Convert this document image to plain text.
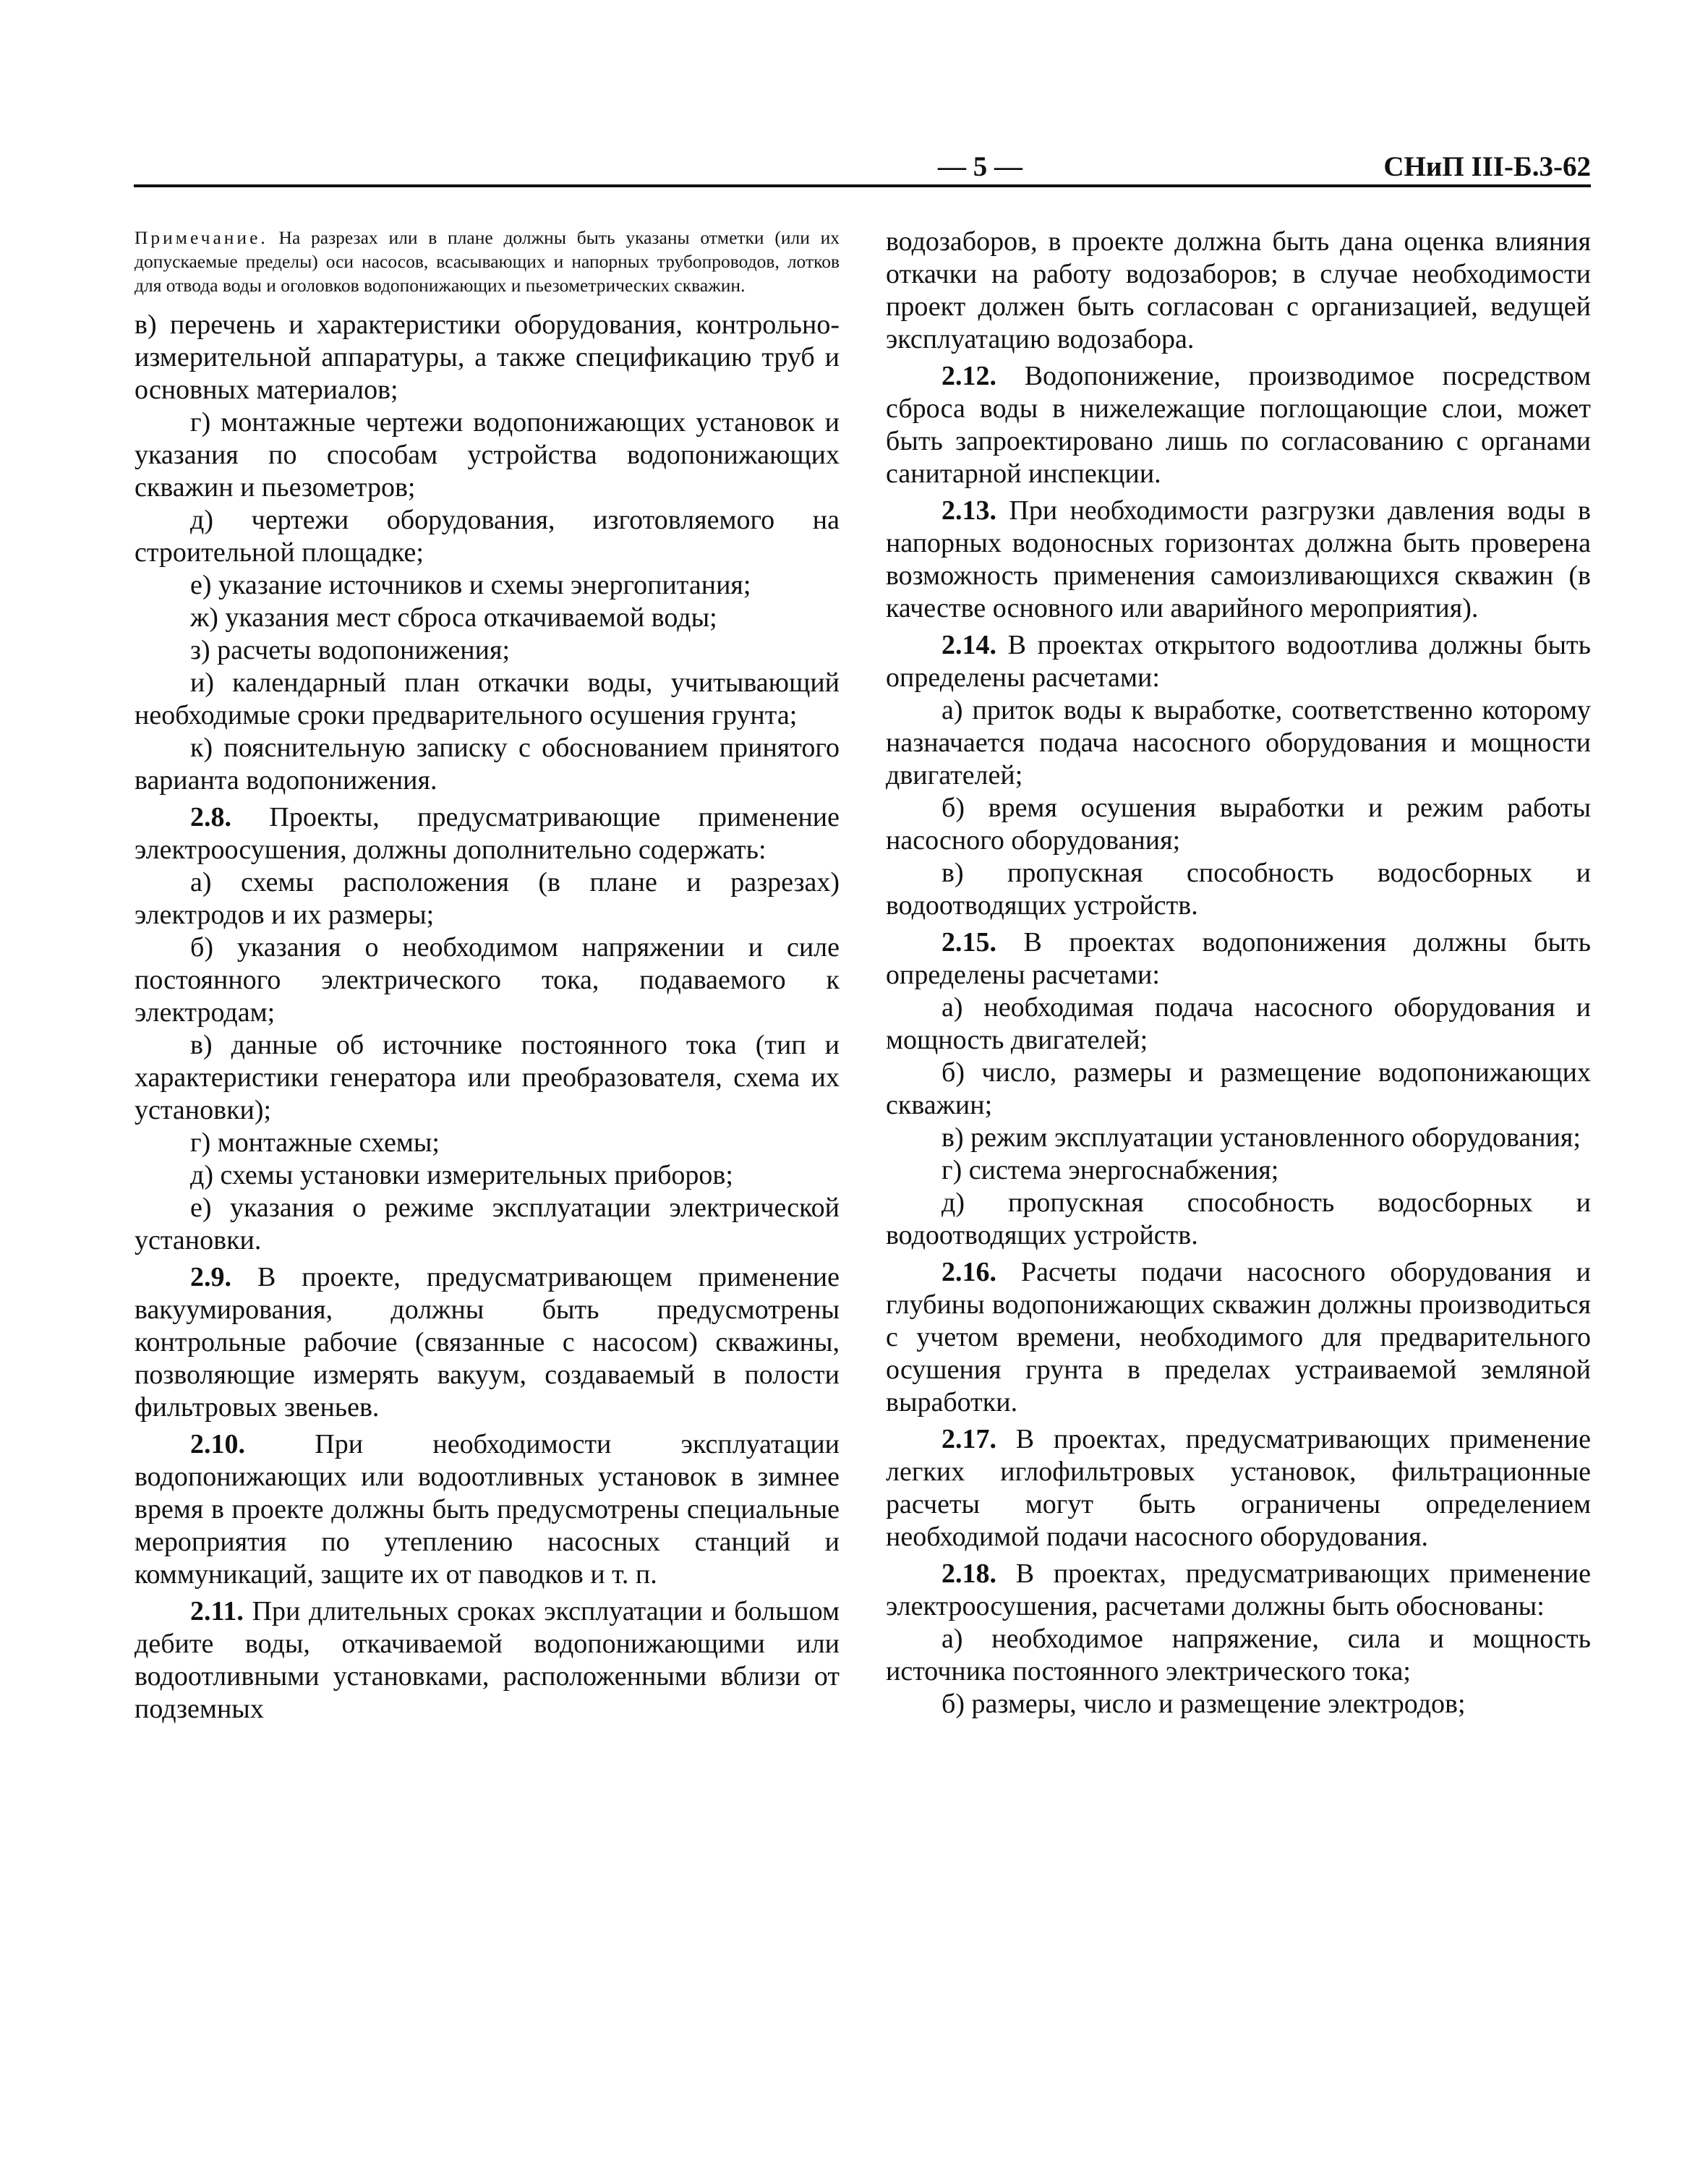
— 5 —	СНиП III-Б.3-62
Примечание. На разрезах или в плане должны быть указаны отметки (или их допускаемые пределы) оси насосов, всасывающих и напорных трубопроводов, лотков для отвода воды и оголовков водопонижающих и пьезометрических скважин.

в) перечень и характеристики оборудования, контрольно-измерительной аппаратуры, а также спецификацию труб и основных материалов;

г) монтажные чертежи водопонижающих установок и указания по способам устройства водопонижающих скважин и пьезометров;

д) чертежи оборудования, изготовляемого на строительной площадке;

е) указание источников и схемы энергопитания;

ж) указания мест сброса откачиваемой воды;

з) расчеты водопонижения;

и) календарный план откачки воды, учитывающий необходимые сроки предварительного осушения грунта;

к) пояснительную записку с обоснованием принятого варианта водопонижения.

2.8. Проекты, предусматривающие применение электроосушения, должны дополнительно содержать:

а) схемы расположения (в плане и разрезах) электродов и их размеры;

б) указания о необходимом напряжении и силе постоянного электрического тока, подаваемого к электродам;

в) данные об источнике постоянного тока (тип и характеристики генератора или преобразователя, схема их установки);

г) монтажные схемы;

д) схемы установки измерительных приборов;

е) указания о режиме эксплуатации электрической установки.

2.9. В проекте, предусматривающем применение вакуумирования, должны быть предусмотрены контрольные рабочие (связанные с насосом) скважины, позволяющие измерять вакуум, создаваемый в полости фильтровых звеньев.

2.10. При необходимости эксплуатации водопонижающих или водоотливных установок в зимнее время в проекте должны быть предусмотрены специальные мероприятия по утеплению насосных станций и коммуникаций, защите их от паводков и т. п.

2.11. При длительных сроках эксплуатации и большом дебите воды, откачиваемой водопонижающими или водоотливными установками, расположенными вблизи от подземных

водозаборов, в проекте должна быть дана оценка влияния откачки на работу водозаборов; в случае необходимости проект должен быть согласован с организацией, ведущей эксплуатацию водозабора.

2.12. Водопонижение, производимое посредством сброса воды в нижележащие поглощающие слои, может быть запроектировано лишь по согласованию с органами санитарной инспекции.

2.13. При необходимости разгрузки давления воды в напорных водоносных горизонтах должна быть проверена возможность применения самоизливающихся скважин (в качестве основного или аварийного мероприятия).

2.14. В проектах открытого водоотлива должны быть определены расчетами:

а) приток воды к выработке, соответственно которому назначается подача насосного оборудования и мощности двигателей;

б) время осушения выработки и режим работы насосного оборудования;

в) пропускная способность водосборных и водоотводящих устройств.

2.15. В проектах водопонижения должны быть определены расчетами:

а) необходимая подача насосного оборудования и мощность двигателей;

б) число, размеры и размещение водопонижающих скважин;

в) режим эксплуатации установленного оборудования;

г) система энергоснабжения;

д) пропускная способность водосборных и водоотводящих устройств.

2.16. Расчеты подачи насосного оборудования и глубины водопонижающих скважин должны производиться с учетом времени, необходимого для предварительного осушения грунта в пределах устраиваемой земляной выработки.

2.17. В проектах, предусматривающих применение легких иглофильтровых установок, фильтрационные расчеты могут быть ограничены определением необходимой подачи насосного оборудования.

2.18. В проектах, предусматривающих применение электроосушения, расчетами должны быть обоснованы:

а) необходимое напряжение, сила и мощность источника постоянного электрического тока;

б) размеры, число и размещение электродов;
